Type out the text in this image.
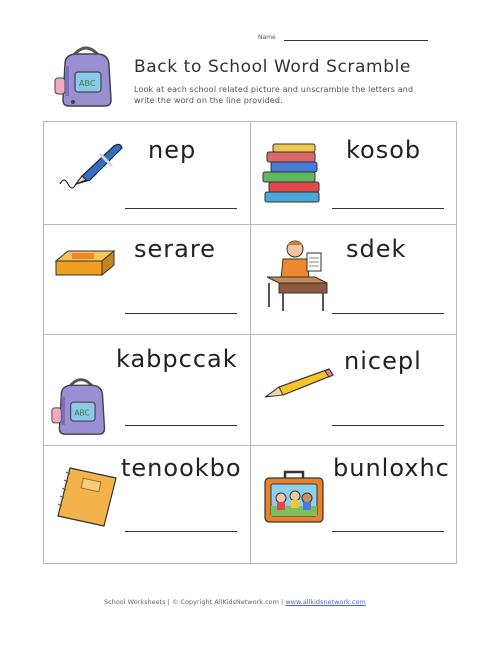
Name
ABC
Back to School Word Scramble
Look at each school related picture and unscramble the letters and write the word on the line provided.
nep	kosob
serare	sdek
ABC
kabpccak	nicepl
tenookbo	bunloxhc
School Worksheets | © Copyright AllKidsNetwork.com | www.allkidsnetwork.com
